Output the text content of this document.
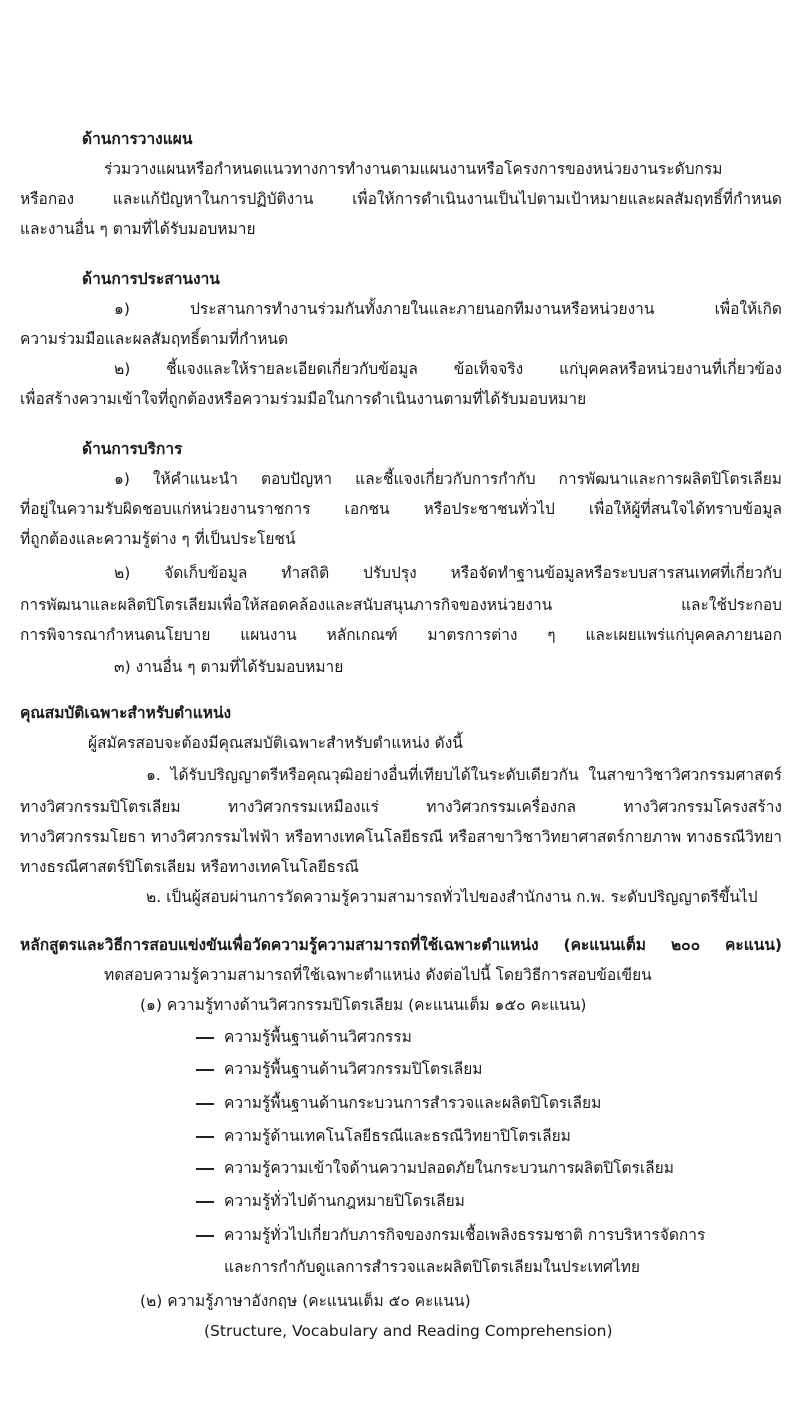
ด้านการวางแผน
ร่วมวางแผนหรือกำหนดแนวทางการทำงานตามแผนงานหรือโครงการของหน่วยงานระดับกรม
หรือกอง และแก้ปัญหาในการปฏิบัติงาน เพื่อให้การดำเนินงานเป็นไปตามเป้าหมายและผลสัมฤทธิ์ที่กำหนด
และงานอื่น ๆ ตามที่ได้รับมอบหมาย
ด้านการประสานงาน
๑) ประสานการทำงานร่วมกันทั้งภายในและภายนอกทีมงานหรือหน่วยงาน เพื่อให้เกิด
ความร่วมมือและผลสัมฤทธิ์ตามที่กำหนด
๒) ชี้แจงและให้รายละเอียดเกี่ยวกับข้อมูล ข้อเท็จจริง แก่บุคคลหรือหน่วยงานที่เกี่ยวข้อง
เพื่อสร้างความเข้าใจที่ถูกต้องหรือความร่วมมือในการดำเนินงานตามที่ได้รับมอบหมาย
ด้านการบริการ
๑) ให้คำแนะนำ ตอบปัญหา และชี้แจงเกี่ยวกับการกำกับ การพัฒนาและการผลิตปิโตรเลียม
ที่อยู่ในความรับผิดชอบแก่หน่วยงานราชการ เอกชน หรือประชาชนทั่วไป เพื่อให้ผู้ที่สนใจได้ทราบข้อมูล
ที่ถูกต้องและความรู้ต่าง ๆ ที่เป็นประโยชน์
๒) จัดเก็บข้อมูล ทำสถิติ ปรับปรุง หรือจัดทำฐานข้อมูลหรือระบบสารสนเทศที่เกี่ยวกับ
การพัฒนาและผลิตปิโตรเลียมเพื่อให้สอดคล้องและสนับสนุนภารกิจของหน่วยงาน และใช้ประกอบ
การพิจารณากำหนดนโยบาย แผนงาน หลักเกณฑ์ มาตรการต่าง ๆ และเผยแพร่แก่บุคคลภายนอก
๓) งานอื่น ๆ ตามที่ได้รับมอบหมาย
คุณสมบัติเฉพาะสำหรับตำแหน่ง
ผู้สมัครสอบจะต้องมีคุณสมบัติเฉพาะสำหรับตำแหน่ง ดังนี้
๑. ได้รับปริญญาตรีหรือคุณวุฒิอย่างอื่นที่เทียบได้ในระดับเดียวกัน ในสาขาวิชาวิศวกรรมศาสตร์
ทางวิศวกรรมปิโตรเลียม ทางวิศวกรรมเหมืองแร่ ทางวิศวกรรมเครื่องกล ทางวิศวกรรมโครงสร้าง
ทางวิศวกรรมโยธา ทางวิศวกรรมไฟฟ้า หรือทางเทคโนโลยีธรณี หรือสาขาวิชาวิทยาศาสตร์กายภาพ ทางธรณีวิทยา
ทางธรณีศาสตร์ปิโตรเลียม หรือทางเทคโนโลยีธรณี
๒. เป็นผู้สอบผ่านการวัดความรู้ความสามารถทั่วไปของสำนักงาน ก.พ. ระดับปริญญาตรีขึ้นไป
หลักสูตรและวิธีการสอบแข่งขันเพื่อวัดความรู้ความสามารถที่ใช้เฉพาะตำแหน่ง (คะแนนเต็ม ๒๐๐ คะแนน)
ทดสอบความรู้ความสามารถที่ใช้เฉพาะตำแหน่ง ดังต่อไปนี้ โดยวิธีการสอบข้อเขียน
(๑) ความรู้ทางด้านวิศวกรรมปิโตรเลียม (คะแนนเต็ม ๑๕๐ คะแนน)
ความรู้พื้นฐานด้านวิศวกรรม
ความรู้พื้นฐานด้านวิศวกรรมปิโตรเลียม
ความรู้พื้นฐานด้านกระบวนการสำรวจและผลิตปิโตรเลียม
ความรู้ด้านเทคโนโลยีธรณีและธรณีวิทยาปิโตรเลียม
ความรู้ความเข้าใจด้านความปลอดภัยในกระบวนการผลิตปิโตรเลียม
ความรู้ทั่วไปด้านกฎหมายปิโตรเลียม
ความรู้ทั่วไปเกี่ยวกับภารกิจของกรมเชื้อเพลิงธรรมชาติ การบริหารจัดการ
และการกำกับดูแลการสำรวจและผลิตปิโตรเลียมในประเทศไทย
(๒) ความรู้ภาษาอังกฤษ (คะแนนเต็ม ๕๐ คะแนน)
(Structure, Vocabulary and Reading Comprehension)
